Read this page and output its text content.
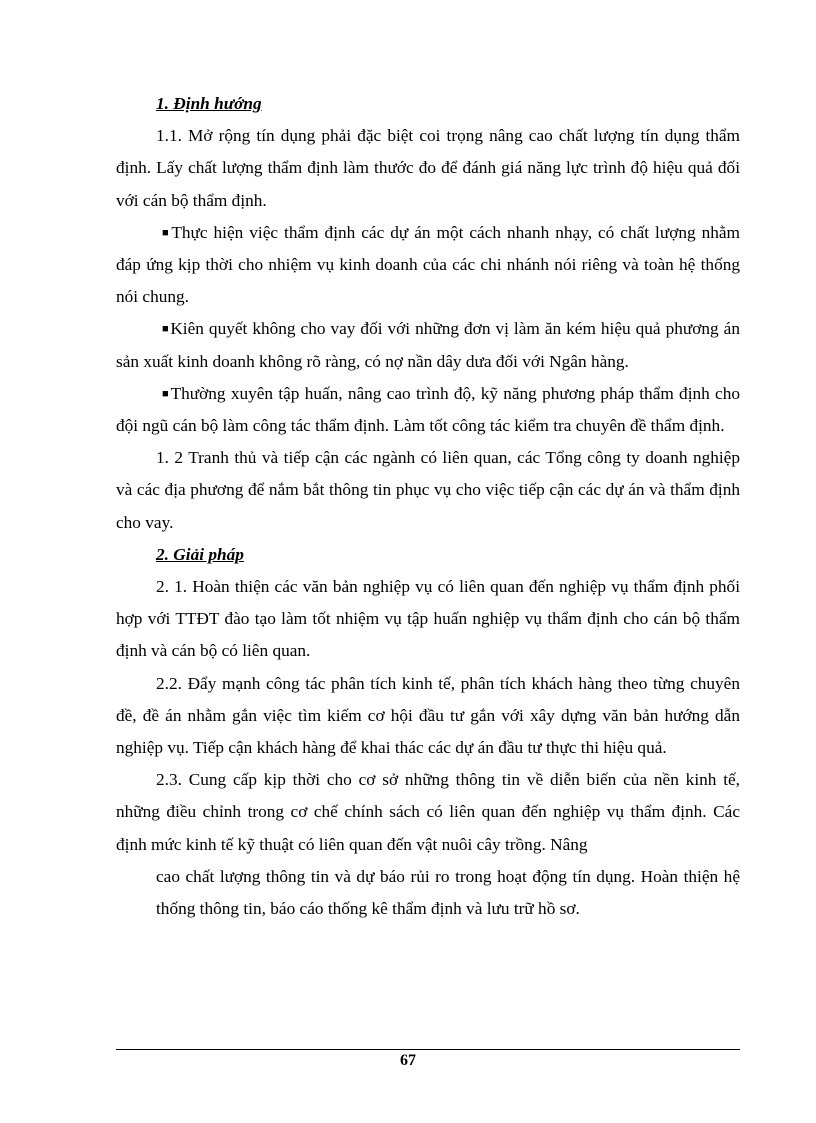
1. Định hướng

1.1. Mở rộng tín dụng phải đặc biệt coi trọng nâng cao chất lượng tín dụng thẩm định. Lấy chất lượng thẩm định làm thước đo để đánh giá năng lực trình độ hiệu quả đối với cán bộ thẩm định.

■Thực hiện việc thẩm định các dự án một cách nhanh nhạy, có chất lượng nhằm đáp ứng kịp thời cho nhiệm vụ kinh doanh của các chi nhánh nói riêng và toàn hệ thống nói chung.

■Kiên quyết không cho vay đối với những đơn vị làm ăn kém hiệu quả phương án sản xuất kinh doanh không rõ ràng, có nợ nần dây dưa đối với Ngân hàng.

■Thường xuyên tập huấn, nâng cao trình độ, kỹ năng phương pháp thẩm định cho đội ngũ cán bộ làm công tác thẩm định. Làm tốt công tác kiểm tra chuyên đề thẩm định.

1. 2 Tranh thủ và tiếp cận các ngành có liên quan, các Tổng công ty doanh nghiệp và các địa phương để nắm bắt thông tin phục vụ cho việc tiếp cận các dự án và thẩm định cho vay.

2. Giải pháp

2. 1. Hoàn thiện các văn bản nghiệp vụ có liên quan đến nghiệp vụ thẩm định phối hợp với TTĐT đào tạo làm tốt nhiệm vụ tập huấn nghiệp vụ thẩm định cho cán bộ thẩm định và cán bộ có liên quan.

2.2. Đẩy mạnh công tác phân tích kinh tế, phân tích khách hàng theo từng chuyên đề, đề án nhằm gắn việc tìm kiếm cơ hội đầu tư gắn với xây dựng văn bản hướng dẫn nghiệp vụ. Tiếp cận khách hàng để khai thác các dự án đầu tư thực thi hiệu quả.

2.3. Cung cấp kịp thời cho cơ sở những thông tin về diễn biến của nền kinh tế, những điều chỉnh trong cơ chế chính sách có liên quan đến nghiệp vụ thẩm định. Các định mức kinh tế kỹ thuật có liên quan đến vật nuôi cây trồng. Nâng

cao chất lượng thông tin và dự báo rủi ro trong hoạt động tín dụng. Hoàn thiện hệ thống thông tin, báo cáo thống kê thẩm định và lưu trữ hồ sơ.

67
